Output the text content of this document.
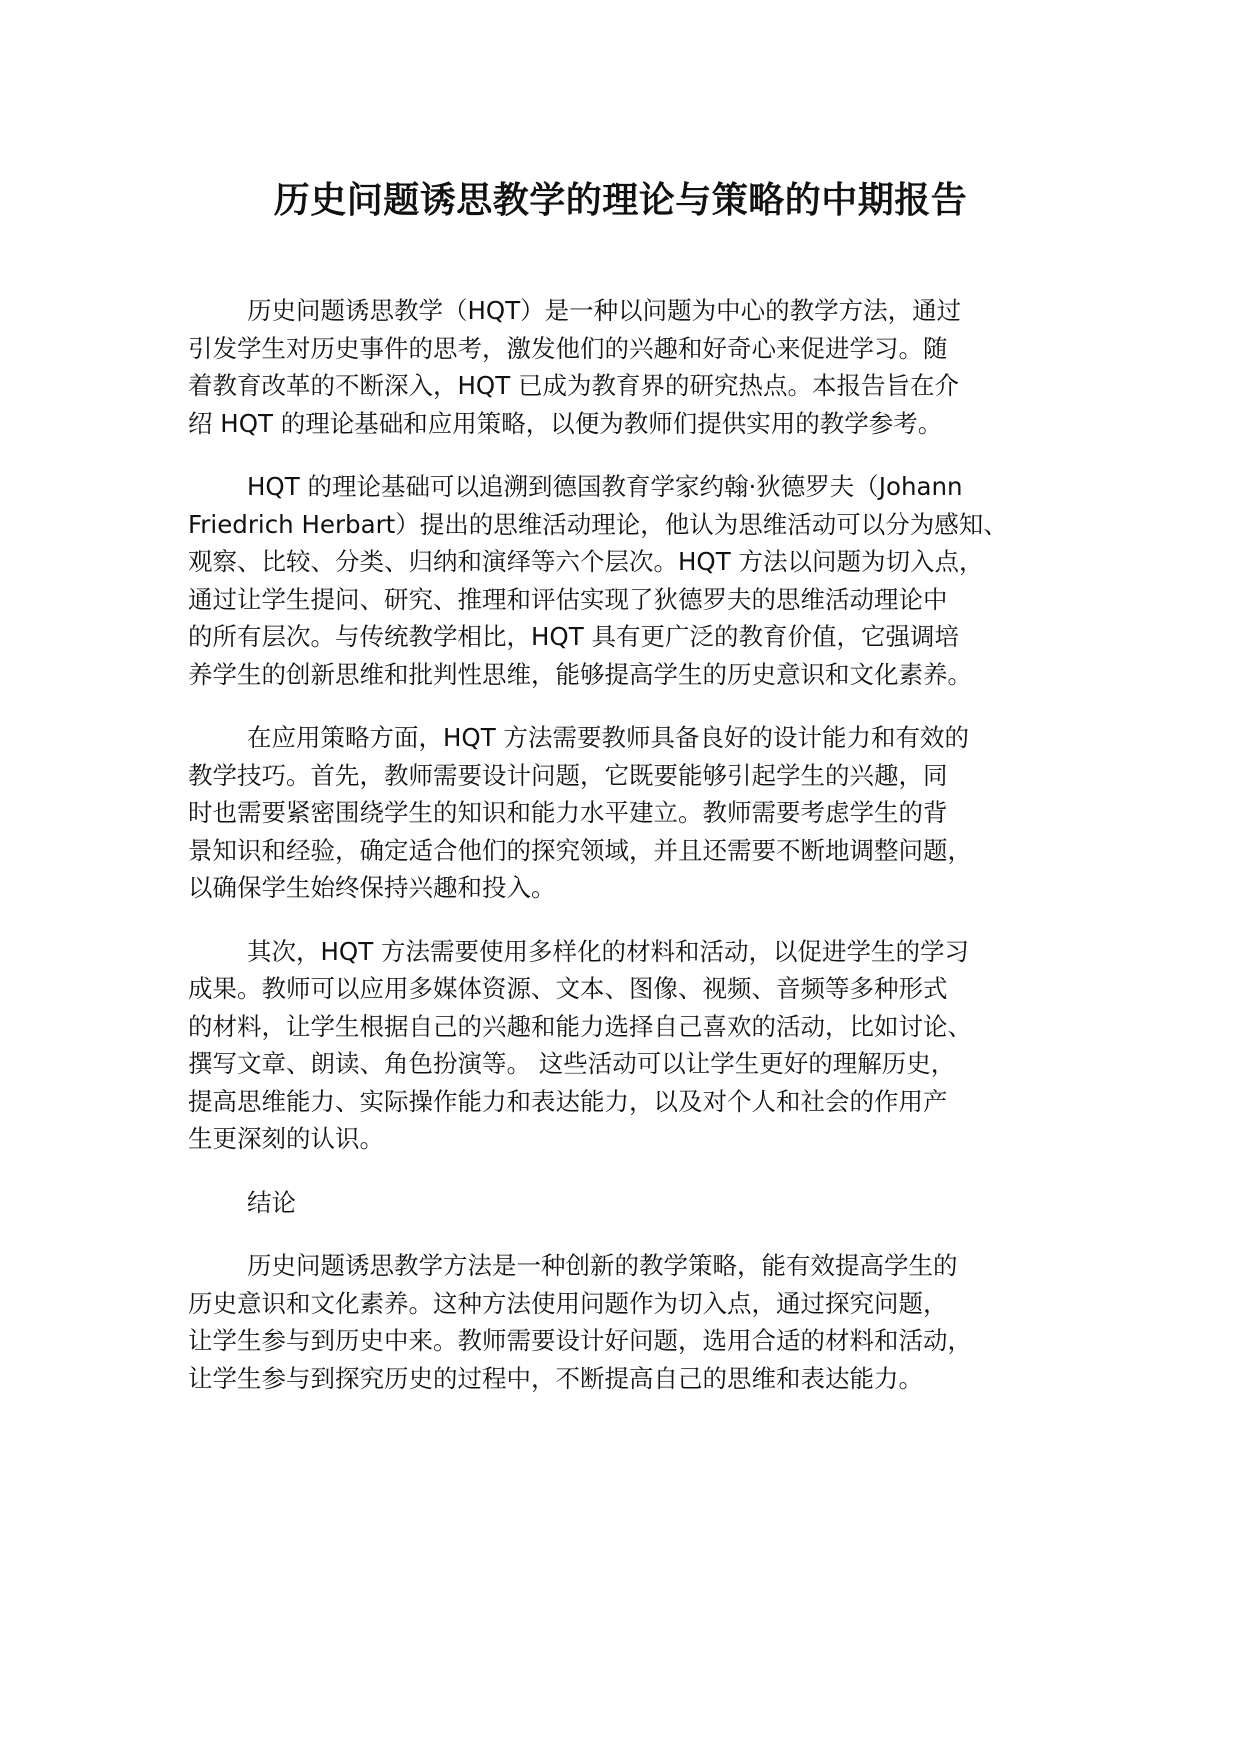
历史问题诱思教学的理论与策略的中期报告
历史问题诱思教学（HQT）是一种以问题为中心的教学方法，通过
引发学生对历史事件的思考，激发他们的兴趣和好奇心来促进学习。随
着教育改革的不断深入，HQT 已成为教育界的研究热点。本报告旨在介
绍 HQT 的理论基础和应用策略，以便为教师们提供实用的教学参考。
HQT 的理论基础可以追溯到德国教育学家约翰·狄德罗夫（Johann
Friedrich Herbart）提出的思维活动理论，他认为思维活动可以分为感知、
观察、比较、分类、归纳和演绎等六个层次。HQT 方法以问题为切入点，
通过让学生提问、研究、推理和评估实现了狄德罗夫的思维活动理论中
的所有层次。与传统教学相比，HQT 具有更广泛的教育价值，它强调培
养学生的创新思维和批判性思维，能够提高学生的历史意识和文化素养。
在应用策略方面，HQT 方法需要教师具备良好的设计能力和有效的
教学技巧。首先，教师需要设计问题，它既要能够引起学生的兴趣，同
时也需要紧密围绕学生的知识和能力水平建立。教师需要考虑学生的背
景知识和经验，确定适合他们的探究领域，并且还需要不断地调整问题，
以确保学生始终保持兴趣和投入。
其次，HQT 方法需要使用多样化的材料和活动，以促进学生的学习
成果。教师可以应用多媒体资源、文本、图像、视频、音频等多种形式
的材料，让学生根据自己的兴趣和能力选择自己喜欢的活动，比如讨论、
撰写文章、朗读、角色扮演等。 这些活动可以让学生更好的理解历史，
提高思维能力、实际操作能力和表达能力，以及对个人和社会的作用产
生更深刻的认识。
结论
历史问题诱思教学方法是一种创新的教学策略，能有效提高学生的
历史意识和文化素养。这种方法使用问题作为切入点，通过探究问题，
让学生参与到历史中来。教师需要设计好问题，选用合适的材料和活动，
让学生参与到探究历史的过程中，不断提高自己的思维和表达能力。
